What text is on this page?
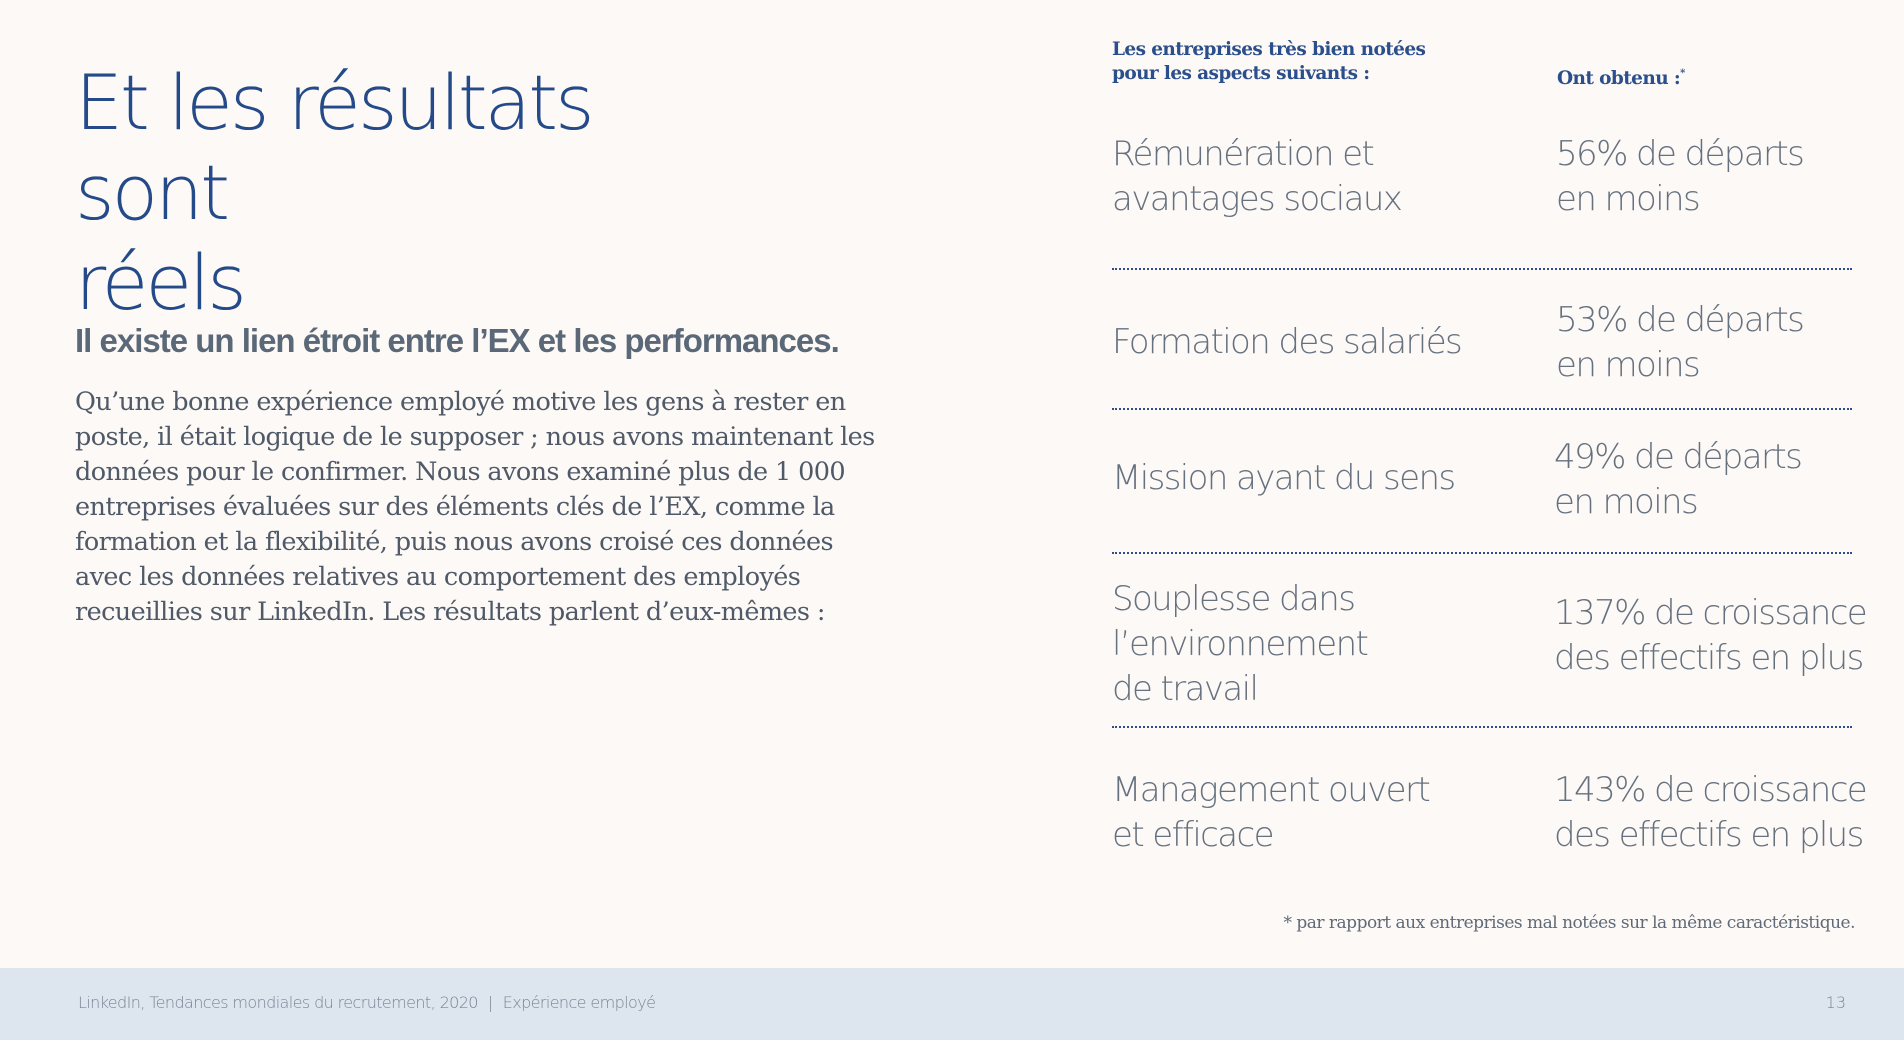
Et les résultats sont
réels
Il existe un lien étroit entre l’EX et les performances.

Qu’une bonne expérience employé motive les gens à rester en
poste, il était logique de le supposer ; nous avons maintenant les
données pour le confirmer. Nous avons examiné plus de 1 000
entreprises évaluées sur des éléments clés de l’EX, comme la
formation et la flexibilité, puis nous avons croisé ces données
avec les données relatives au comportement des employés
recueillies sur LinkedIn. Les résultats parlent d’eux-mêmes :

Les entreprises très bien notées
pour les aspects suivants :	Ont obtenu :*
Rémunération et
avantages sociaux
56% de départs
en moins
Formation des salariés
53% de départs
en moins
Mission ayant du sens
49% de départs
en moins
Souplesse dans
l’environnement
de travail
137% de croissance
des effectifs en plus
Management ouvert
et efficace
143% de croissance
des effectifs en plus
* par rapport aux entreprises mal notées sur la même caractéristique.
LinkedIn, Tendances mondiales du recrutement, 2020 | Expérience employé	13
